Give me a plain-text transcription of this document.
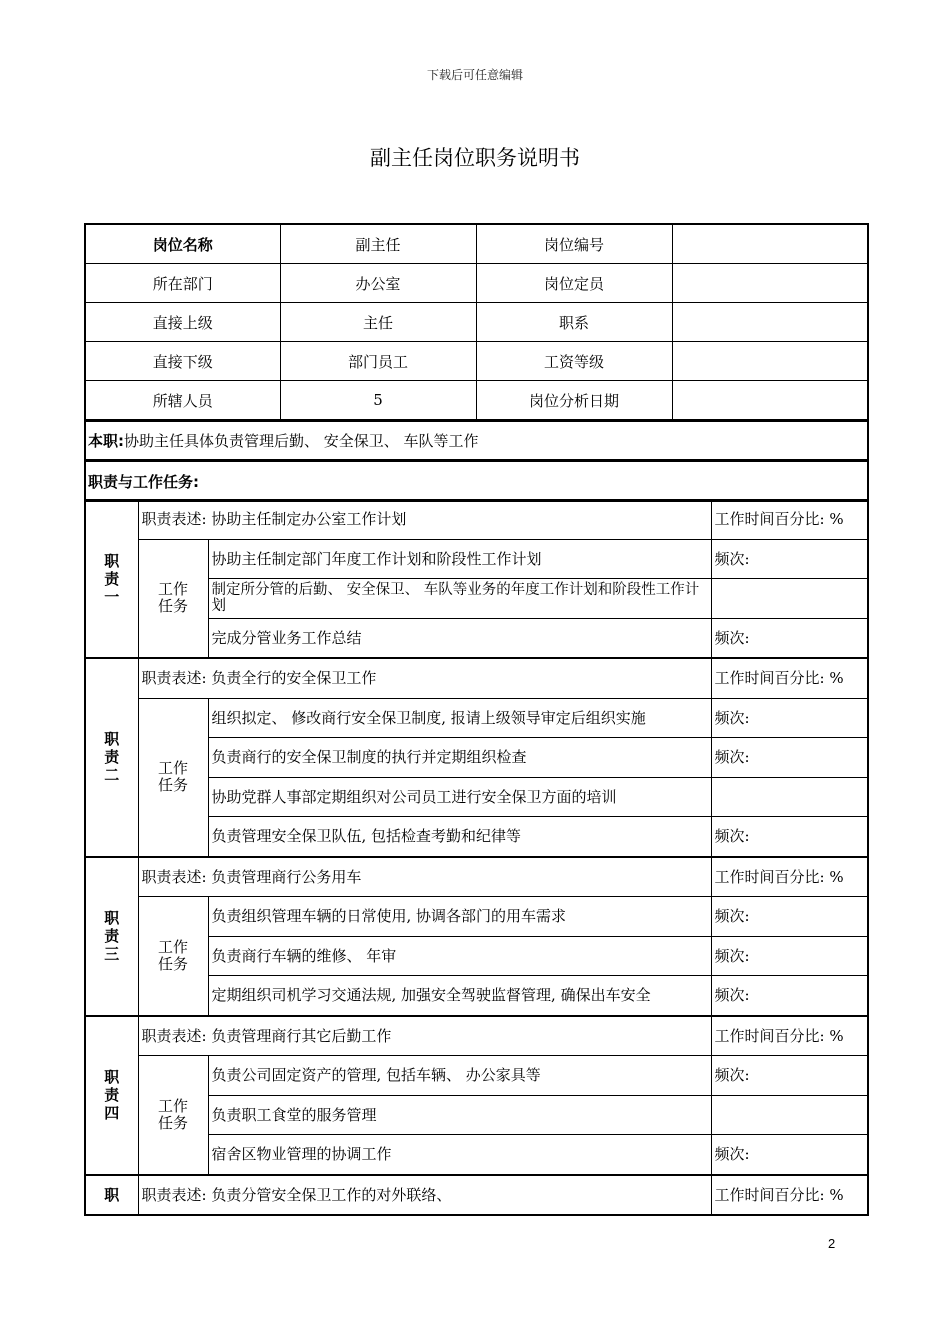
下载后可任意编辑
副主任岗位职务说明书
岗位名称	副主任	岗位编号	
所在部门	办公室	岗位定员	
直接上级	主任	职系	
直接下级	部门员工	工资等级	
所辖人员	5	岗位分析日期	
本职: 协助主任具体负责管理后勤、 安全保卫、 车队等工作
职责与工作任务:
职责一	职责表述: 协助主任制定办公室工作计划		工作时间百分比: %
	工作任务	协助主任制定部门年度工作计划和阶段性工作计划	频次:
		制定所分管的后勤、 安全保卫、 车队等业务的年度工作计划和阶段性工作计划	
		完成分管业务工作总结	频次:
职责二	职责表述: 负责全行的安全保卫工作		工作时间百分比: %
	工作任务	组织拟定、 修改商行安全保卫制度, 报请上级领导审定后组织实施	频次:
		负责商行的安全保卫制度的执行并定期组织检查	频次:
		协助党群人事部定期组织对公司员工进行安全保卫方面的培训	
		负责管理安全保卫队伍, 包括检查考勤和纪律等	频次:
职责三	职责表述: 负责管理商行公务用车		工作时间百分比: %
	工作任务	负责组织管理车辆的日常使用, 协调各部门的用车需求	频次:
		负责商行车辆的维修、 年审	频次:
		定期组织司机学习交通法规, 加强安全驾驶监督管理, 确保出车安全	频次:
职责四	职责表述: 负责管理商行其它后勤工作		工作时间百分比: %
	工作任务	负责公司固定资产的管理, 包括车辆、 办公家具等	频次:
		负责职工食堂的服务管理	
		宿舍区物业管理的协调工作	频次:
职	职责表述: 负责分管安全保卫工作的对外联络、		工作时间百分比: %
2
